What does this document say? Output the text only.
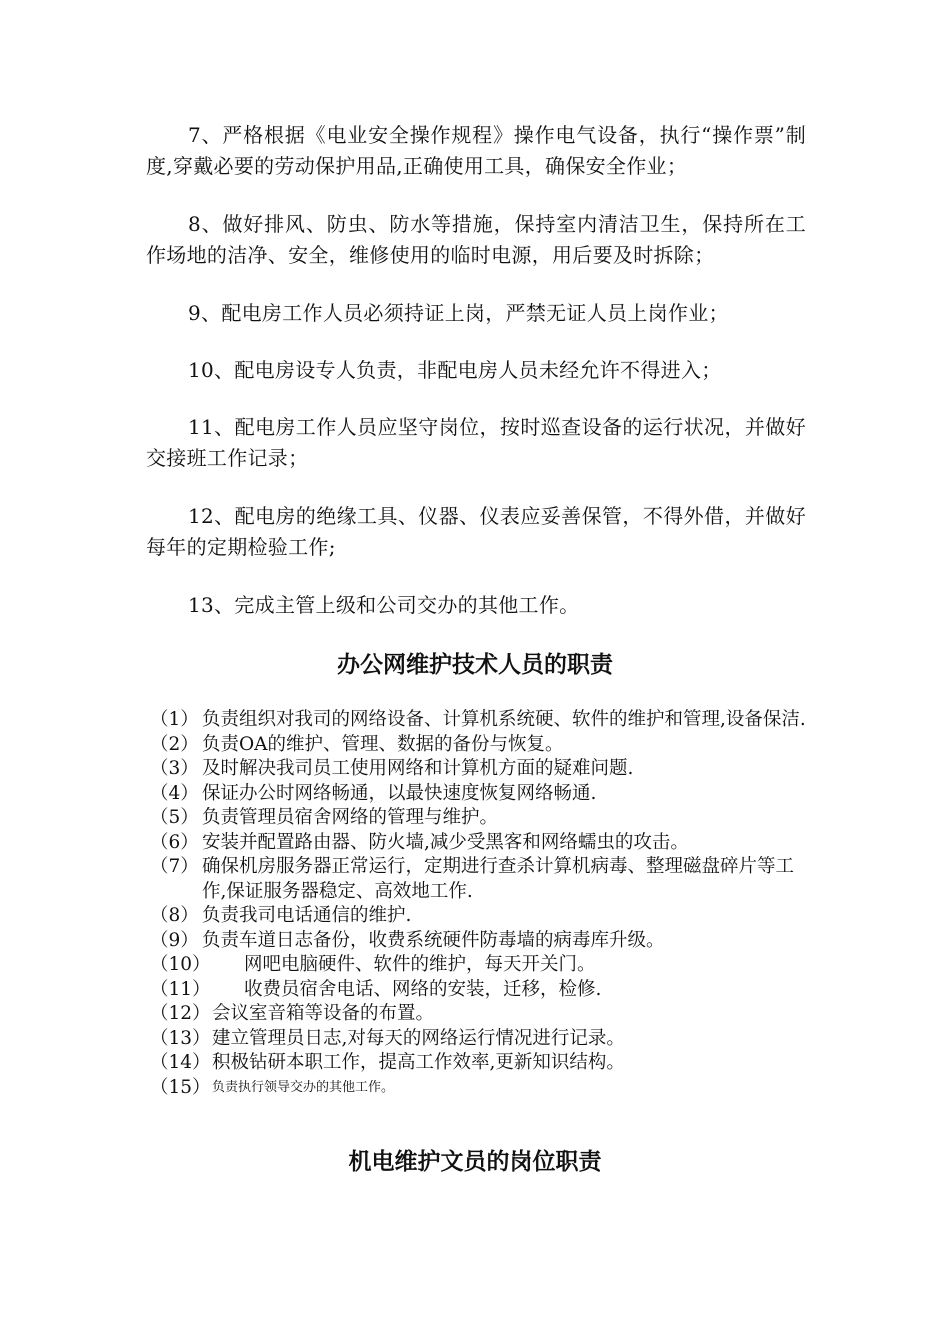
7、严格根据《电业安全操作规程》操作电气设备，执行“操作票”制度,穿戴必要的劳动保护用品,正确使用工具，确保安全作业；

8、做好排风、防虫、防水等措施，保持室内清洁卫生，保持所在工作场地的洁净、安全，维修使用的临时电源，用后要及时拆除；

9、配电房工作人员必须持证上岗，严禁无证人员上岗作业；

10、配电房设专人负责，非配电房人员未经允许不得进入；

11、配电房工作人员应坚守岗位，按时巡查设备的运行状况，并做好交接班工作记录；

12、配电房的绝缘工具、仪器、仪表应妥善保管，不得外借，并做好每年的定期检验工作;

13、完成主管上级和公司交办的其他工作。

办公网维护技术人员的职责
（1） 负责组织对我司的网络设备、计算机系统硬、软件的维护和管理,设备保洁.
（2） 负责OA的维护、管理、数据的备份与恢复。
（3） 及时解决我司员工使用网络和计算机方面的疑难问题.
（4） 保证办公时网络畅通，以最快速度恢复网络畅通.
（5） 负责管理员宿舍网络的管理与维护。
（6） 安装并配置路由器、防火墙,减少受黑客和网络蠕虫的攻击。
（7） 确保机房服务器正常运行，定期进行查杀计算机病毒、整理磁盘碎片等工作,保证服务器稳定、高效地工作.
（8） 负责我司电话通信的维护.
（9） 负责车道日志备份，收费系统硬件防毒墙的病毒库升级。
（10） 网吧电脑硬件、软件的维护，每天开关门。
（11） 收费员宿舍电话、网络的安装，迁移，检修.
（12） 会议室音箱等设备的布置。
（13） 建立管理员日志,对每天的网络运行情况进行记录。
（14） 积极钻研本职工作，提高工作效率,更新知识结构。
（15） 负责执行领导交办的其他工作。
机电维护文员的岗位职责
